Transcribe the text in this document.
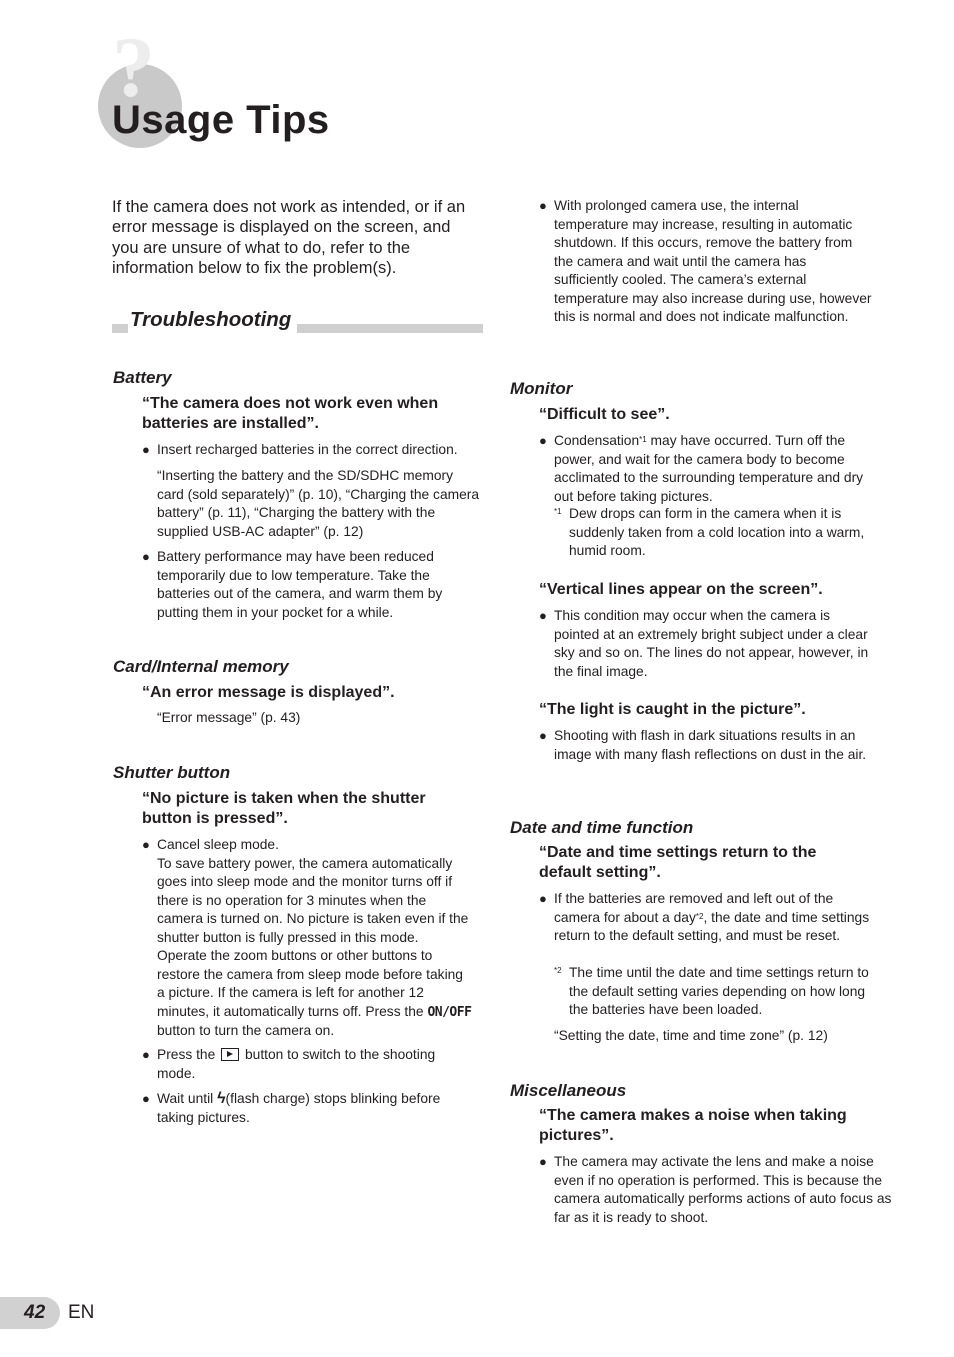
?
Usage Tips

If the camera does not work as intended, or if an error message is displayed on the screen, and you are unsure of what to do, refer to the information below to fix the problem(s).

Troubleshooting
Battery

“The camera does not work even when batteries are installed”.

● Insert recharged batteries in the correct direction.

“Inserting the battery and the SD/SDHC memory card (sold separately)” (p. 10), “Charging the camera battery” (p. 11), “Charging the battery with the supplied USB-AC adapter” (p. 12)

● Battery performance may have been reduced temporarily due to low temperature. Take the batteries out of the camera, and warm them by putting them in your pocket for a while.

Card/Internal memory

“An error message is displayed”.

“Error message” (p. 43)

Shutter button

“No picture is taken when the shutter button is pressed”.

● Cancel sleep mode.
To save battery power, the camera automatically goes into sleep mode and the monitor turns off if there is no operation for 3 minutes when the camera is turned on. No picture is taken even if the shutter button is fully pressed in this mode. Operate the zoom buttons or other buttons to restore the camera from sleep mode before taking a picture. If the camera is left for another 12 minutes, it automatically turns off. Press the ON/OFF button to turn the camera on.

● Press the button to switch to the shooting mode.

● Wait until ϟ(flash charge) stops blinking before taking pictures.

● With prolonged camera use, the internal temperature may increase, resulting in automatic shutdown. If this occurs, remove the battery from the camera and wait until the camera has sufficiently cooled. The camera’s external temperature may also increase during use, however this is normal and does not indicate malfunction.

Monitor

“Difficult to see”.

● Condensation$^{*1}$ may have occurred. Turn off the power, and wait for the camera body to become acclimated to the surrounding temperature and dry out before taking pictures.

*1 Dew drops can form in the camera when it is suddenly taken from a cold location into a warm, humid room.

“Vertical lines appear on the screen”.

● This condition may occur when the camera is pointed at an extremely bright subject under a clear sky and so on. The lines do not appear, however, in the final image.

“The light is caught in the picture”.

● Shooting with flash in dark situations results in an image with many flash reflections on dust in the air.

Date and time function

“Date and time settings return to the default setting”.

● If the batteries are removed and left out of the camera for about a day$^{*2}$, the date and time settings return to the default setting, and must be reset.

*2 The time until the date and time settings return to the default setting varies depending on how long the batteries have been loaded.

“Setting the date, time and time zone” (p. 12)

Miscellaneous

“The camera makes a noise when taking pictures”.

● The camera may activate the lens and make a noise even if no operation is performed. This is because the camera automatically performs actions of auto focus as far as it is ready to shoot.

42 EN
